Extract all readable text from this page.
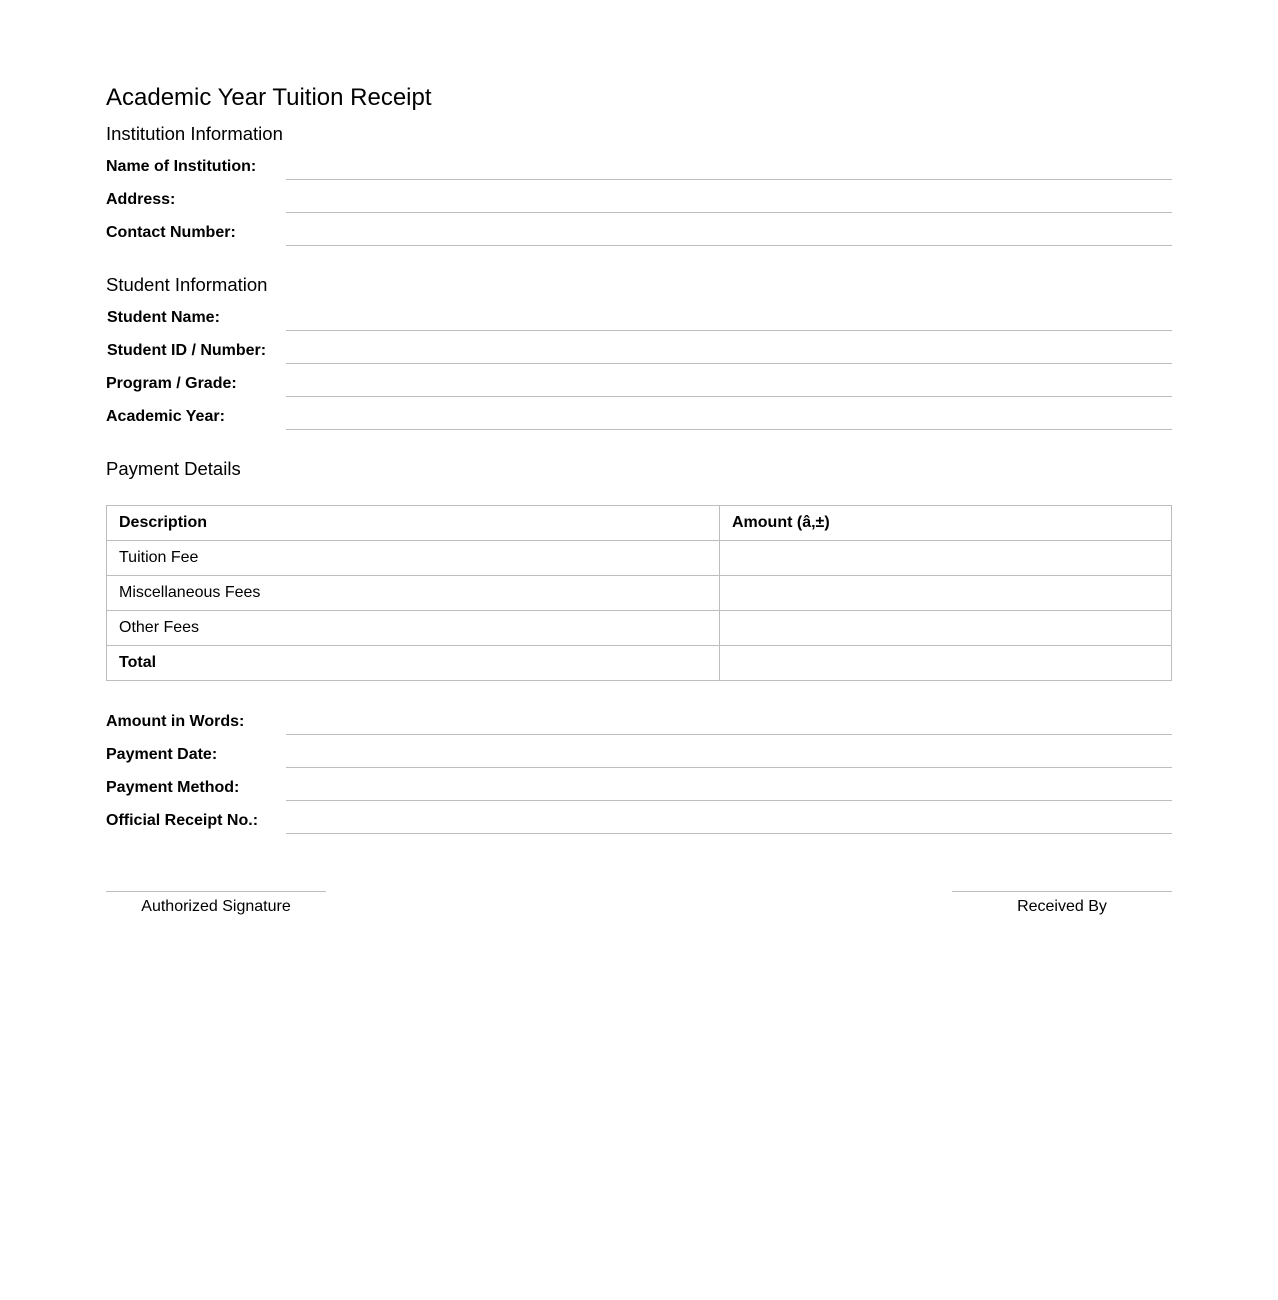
Academic Year Tuition Receipt
Institution Information
Name of Institution:
Address:
Contact Number:
Student Information
Student Name:
Student ID / Number:
Program / Grade:
Academic Year:
Payment Details
Description	Amount (â‚±)
Tuition Fee	
Miscellaneous Fees	
Other Fees	
Total	
Amount in Words:
Payment Date:
Payment Method:
Official Receipt No.:
Authorized Signature	Received By
